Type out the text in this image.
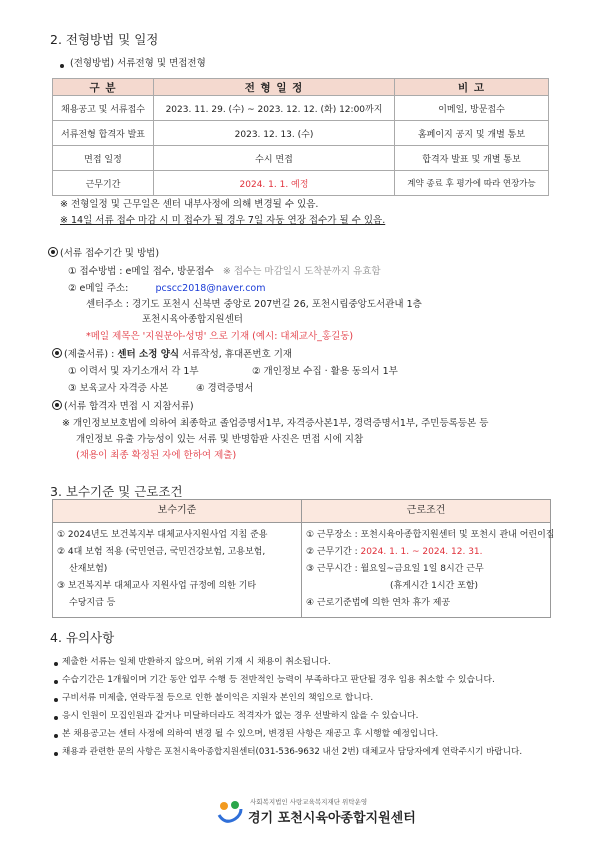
2. 전형방법 및 일정
(전형방법) 서류전형 및 면접전형
구 분	전 형 일 정	비 고
채용공고 및 서류접수	2023. 11. 29. (수) ~ 2023. 12. 12. (화) 12:00까지	이메일, 방문접수
서류전형 합격자 발표	2023. 12. 13. (수)	홈페이지 공지 및 개별 통보
면접 일정	수시 면접	합격자 발표 및 개별 통보
근무기간	2024. 1. 1. 예정	계약 종료 후 평가에 따라 연장가능
※ 전형일정 및 근무일은 센터 내부사정에 의해 변경될 수 있음.
※ 14일 서류 접수 마감 시 미 접수가 될 경우 7일 자동 연장 접수가 될 수 있음.
(서류 접수기간 및 방법)
① 접수방법 : e메일 접수, 방문접수 ※ 접수는 마감일시 도착분까지 유효함
② e메일 주소:	pcscc2018@naver.com
센터주소 : 경기도 포천시 신북면 중앙로 207번길 26, 포천시립중앙도서관내 1층
포천시육아종합지원센터
*메일 제목은 '지원분야-성명' 으로 기재 (예시: 대체교사_홍길동)
(제출서류) : 센터 소정 양식 서류작성, 휴대폰번호 기재
① 이력서 및 자기소개서 각 1부	② 개인정보 수집 · 활용 동의서 1부
③ 보육교사 자격증 사본	④ 경력증명서
(서류 합격자 면접 시 지참서류)
※ 개인정보보호법에 의하여 최종학교 졸업증명서1부, 자격증사본1부, 경력증명서1부, 주민등록등본 등
개인정보 유출 가능성이 있는 서류 및 반명함판 사진은 면접 시에 지참
(채용이 최종 확정된 자에 한하여 제출)
3. 보수기준 및 근로조건
보수기준	근로조건
① 2024년도 보건복지부 대체교사지원사업 지침 준용
② 4대 보험 적용 (국민연금, 국민건강보험, 고용보험,
산재보험)
③ 보건복지부 대체교사 지원사업 규정에 의한 기타
수당지급 등
① 근무장소 : 포천시육아종합지원센터 및 포천시 관내 어린이집
② 근무기간 : 2024. 1. 1. ~ 2024. 12. 31.
③ 근무시간 : 월요일~금요일 1일 8시간 근무
(휴게시간 1시간 포함)
④ 근로기준법에 의한 연차 휴가 제공
4. 유의사항
제출한 서류는 일체 반환하지 않으며, 허위 기재 시 채용이 취소됩니다.
수습기간은 1개월이며 기간 동안 업무 수행 등 전반적인 능력이 부족하다고 판단될 경우 임용 취소할 수 있습니다.
구비서류 미제출, 연락두절 등으로 인한 불이익은 지원자 본인의 책임으로 합니다.
응시 인원이 모집인원과 같거나 미달하더라도 적격자가 없는 경우 선발하지 않을 수 있습니다.
본 채용공고는 센터 사정에 의하여 변경 될 수 있으며, 변경된 사항은 재공고 후 시행할 예정입니다.
채용과 관련한 문의 사항은 포천시육아종합지원센터(031-536-9632 내선 2번) 대체교사 담당자에게 연락주시기 바랍니다.
사회복지법인 사랑교육복지재단 위탁운영
경기 포천시육아종합지원센터
